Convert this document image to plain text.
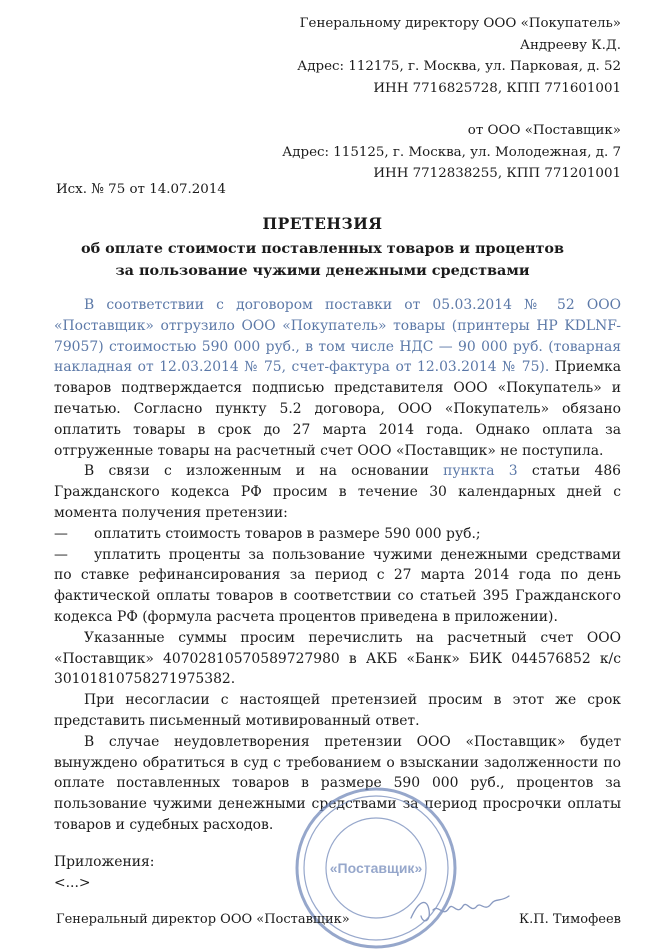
Генеральному директору ООО «Покупатель»
Андрееву К.Д.
Адрес: 112175, г. Москва, ул. Парковая, д. 52
ИНН 7716825728, КПП 771601001
от ООО «Поставщик»
Адрес: 115125, г. Москва, ул. Молодежная, д. 7
ИНН 7712838255, КПП 771201001
Исх. № 75 от 14.07.2014
ПРЕТЕНЗИЯ
об оплате стоимости поставленных товаров и процентов
за пользование чужими денежными средствами

В соответствии с договором поставки от 05.03.2014 № 52 ООО «Поставщик» отгрузило ООО «Покупатель» товары (принтеры HP KDLNF-79057) стоимостью 590 000 руб., в том числе НДС — 90 000 руб. (товарная накладная от 12.03.2014 № 75, счет-фактура от 12.03.2014 № 75). Приемка товаров подтверждается подписью представителя ООО «Покупатель» и печатью. Согласно пункту 5.2 договора, ООО «Покупатель» обязано оплатить товары в срок до 27 марта 2014 года. Однако оплата за отгруженные товары на расчетный счет ООО «Поставщик» не поступила.

В связи с изложенным и на основании пункта 3 статьи 486 Гражданского кодекса РФ просим в течение 30 календарных дней с момента получения претензии:

— оплатить стоимость товаров в размере 590 000 руб.;

— уплатить проценты за пользование чужими денежными средствами по ставке рефинансирования за период с 27 марта 2014 года по день фактической оплаты товаров в соответствии со статьей 395 Гражданского кодекса РФ (формула расчета процентов приведена в приложении).

Указанные суммы просим перечислить на расчетный счет ООО «Поставщик» 40702810570589727980 в АКБ «Банк» БИК 044576852 к/с 30101810758271975382.

При несогласии с настоящей претензией просим в этот же срок представить письменный мотивированный ответ.

В случае неудовлетворения претензии ООО «Поставщик» будет вынуждено обратиться в суд с требованием о взыскании задолженности по оплате поставленных товаров в размере 590 000 руб., процентов за пользование чужими денежными средствами за период просрочки оплаты товаров и судебных расходов.

Приложения:
<...>
«Поставщик»
Генеральный директор ООО «Поставщик»	К.П. Тимофеев
